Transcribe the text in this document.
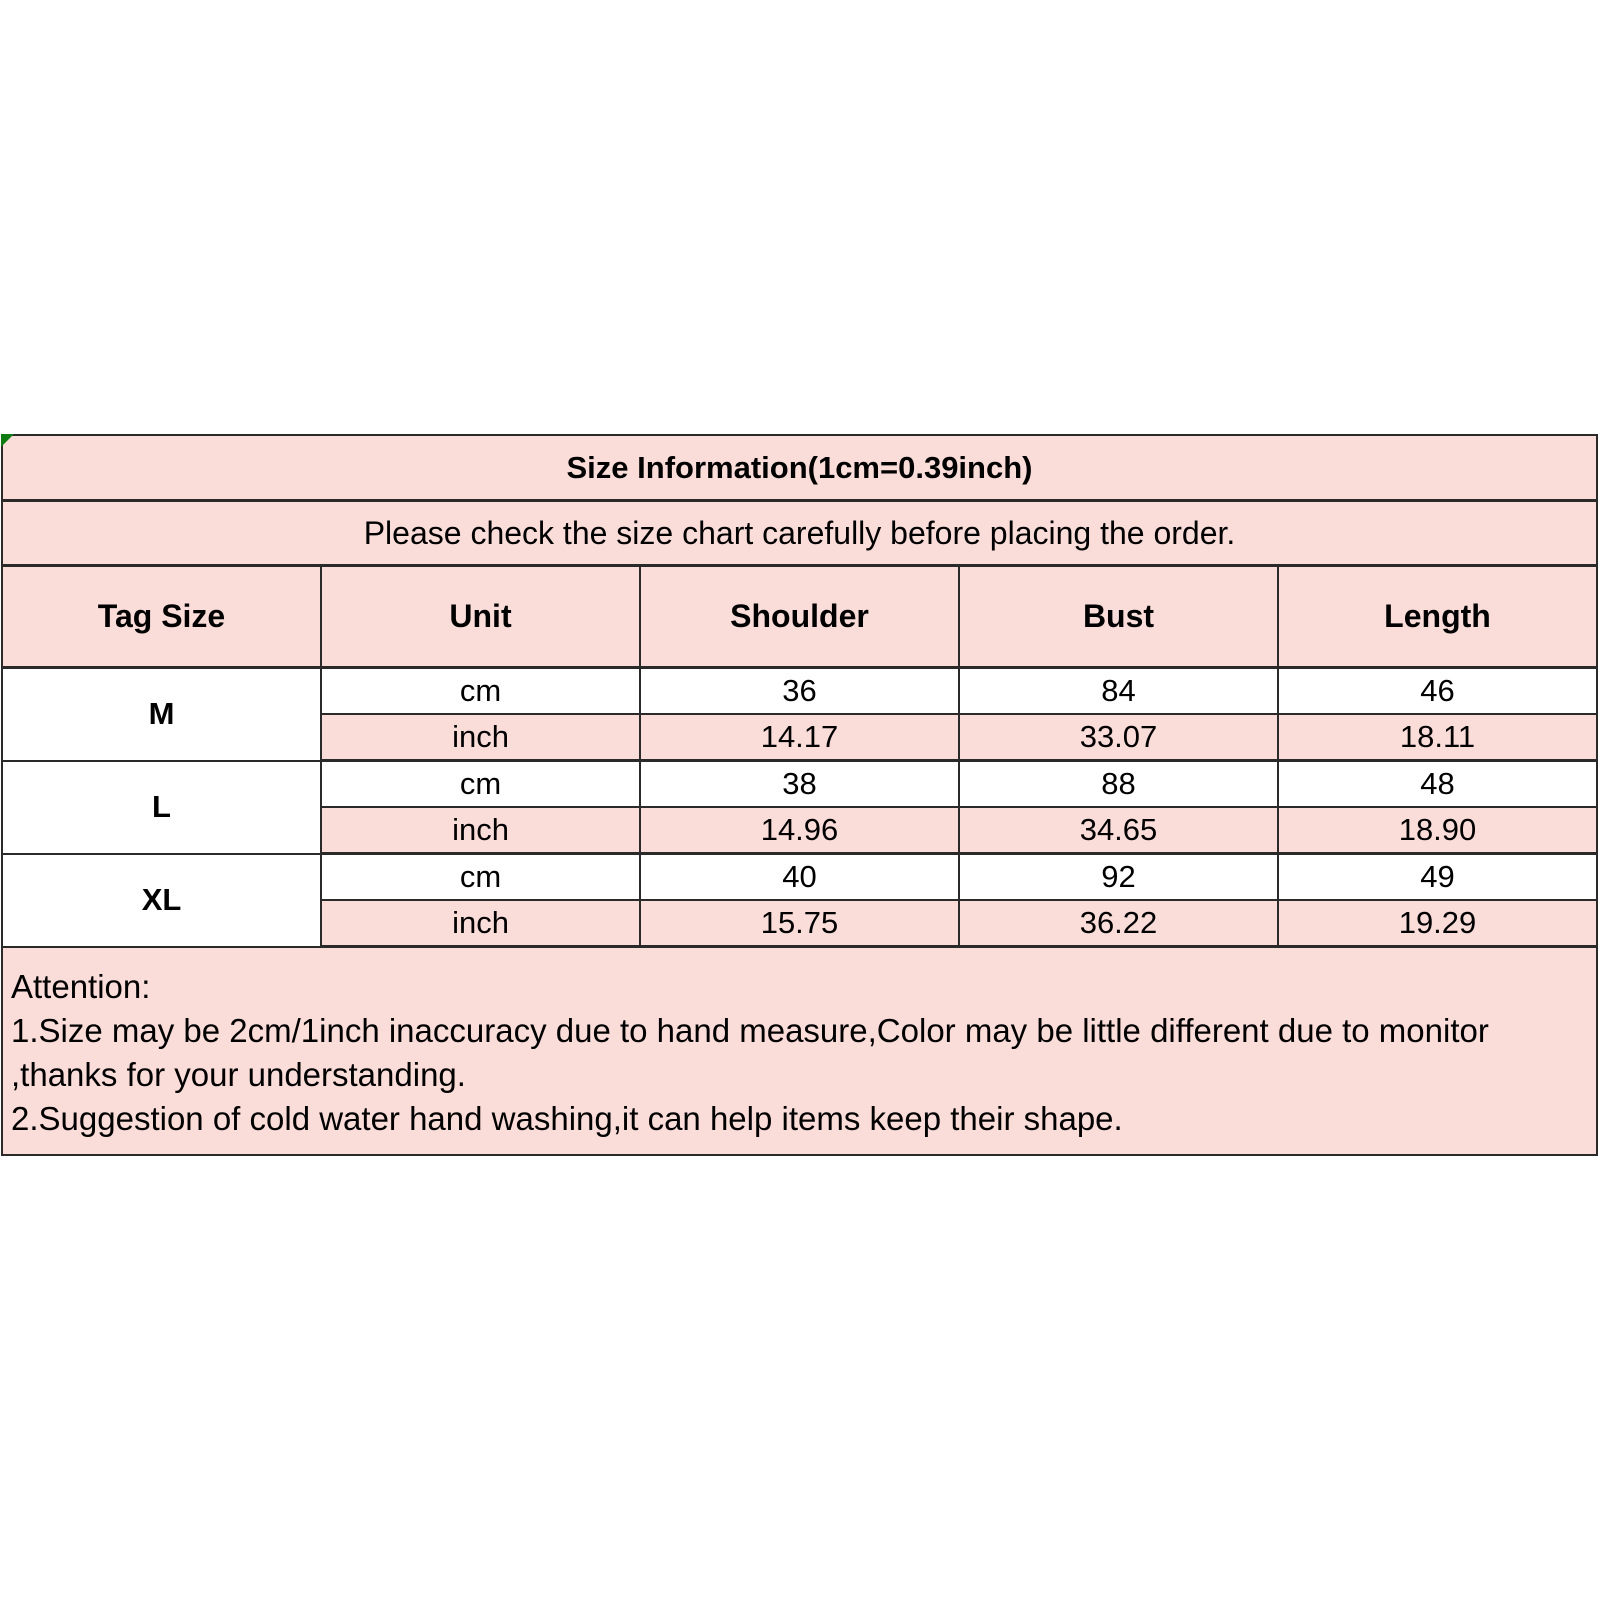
Size Information(1cm=0.39inch)				
Please check the size chart carefully before placing the order.				
Tag Size	Unit	Shoulder	Bust	Length
M	cm	36	84	46
	inch	14.17	33.07	18.11
L	cm	38	88	48
	inch	14.96	34.65	18.90
XL	cm	40	92	49
	inch	15.75	36.22	19.29

Attention:
1.Size may be 2cm/1inch inaccuracy due to hand measure,Color may be little different due to monitor
,thanks for your understanding.
2.Suggestion of cold water hand washing,it can help items keep their shape.				
